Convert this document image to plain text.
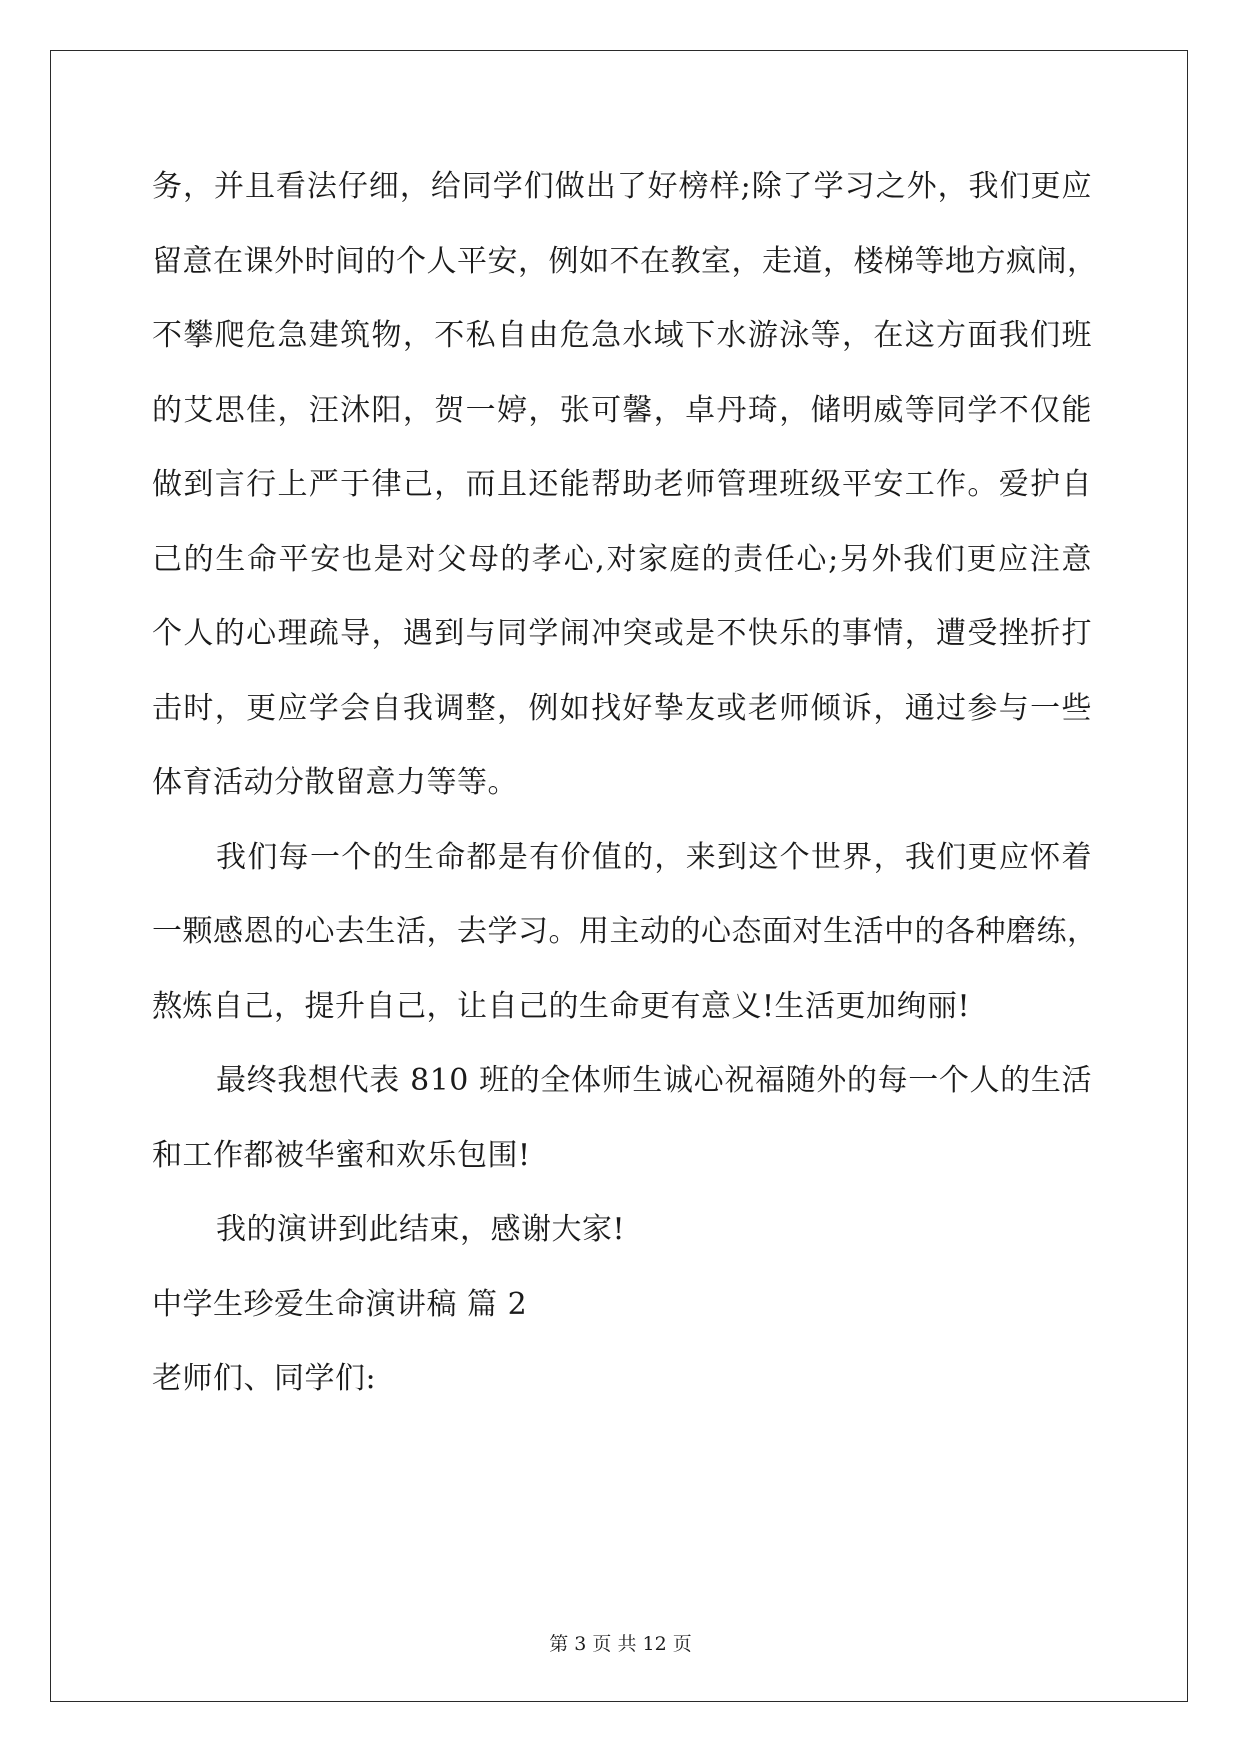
务，并且看法仔细，给同学们做出了好榜样;除了学习之外，我们更应
留意在课外时间的个人平安，例如不在教室，走道，楼梯等地方疯闹，
不攀爬危急建筑物，不私自由危急水域下水游泳等，在这方面我们班
的艾思佳，汪沐阳，贺一婷，张可馨，卓丹琦，储明威等同学不仅能
做到言行上严于律己，而且还能帮助老师管理班级平安工作。爱护自
己的生命平安也是对父母的孝心,对家庭的责任心;另外我们更应注意
个人的心理疏导，遇到与同学闹冲突或是不快乐的事情，遭受挫折打
击时，更应学会自我调整，例如找好挚友或老师倾诉，通过参与一些
体育活动分散留意力等等。
我们每一个的生命都是有价值的，来到这个世界，我们更应怀着
一颗感恩的心去生活，去学习。用主动的心态面对生活中的各种磨练，
熬炼自己，提升自己，让自己的生命更有意义!生活更加绚丽!
最终我想代表 810 班的全体师生诚心祝福随外的每一个人的生活
和工作都被华蜜和欢乐包围!
我的演讲到此结束，感谢大家!
中学生珍爱生命演讲稿 篇 2
老师们、同学们:
第 3 页 共 12 页
